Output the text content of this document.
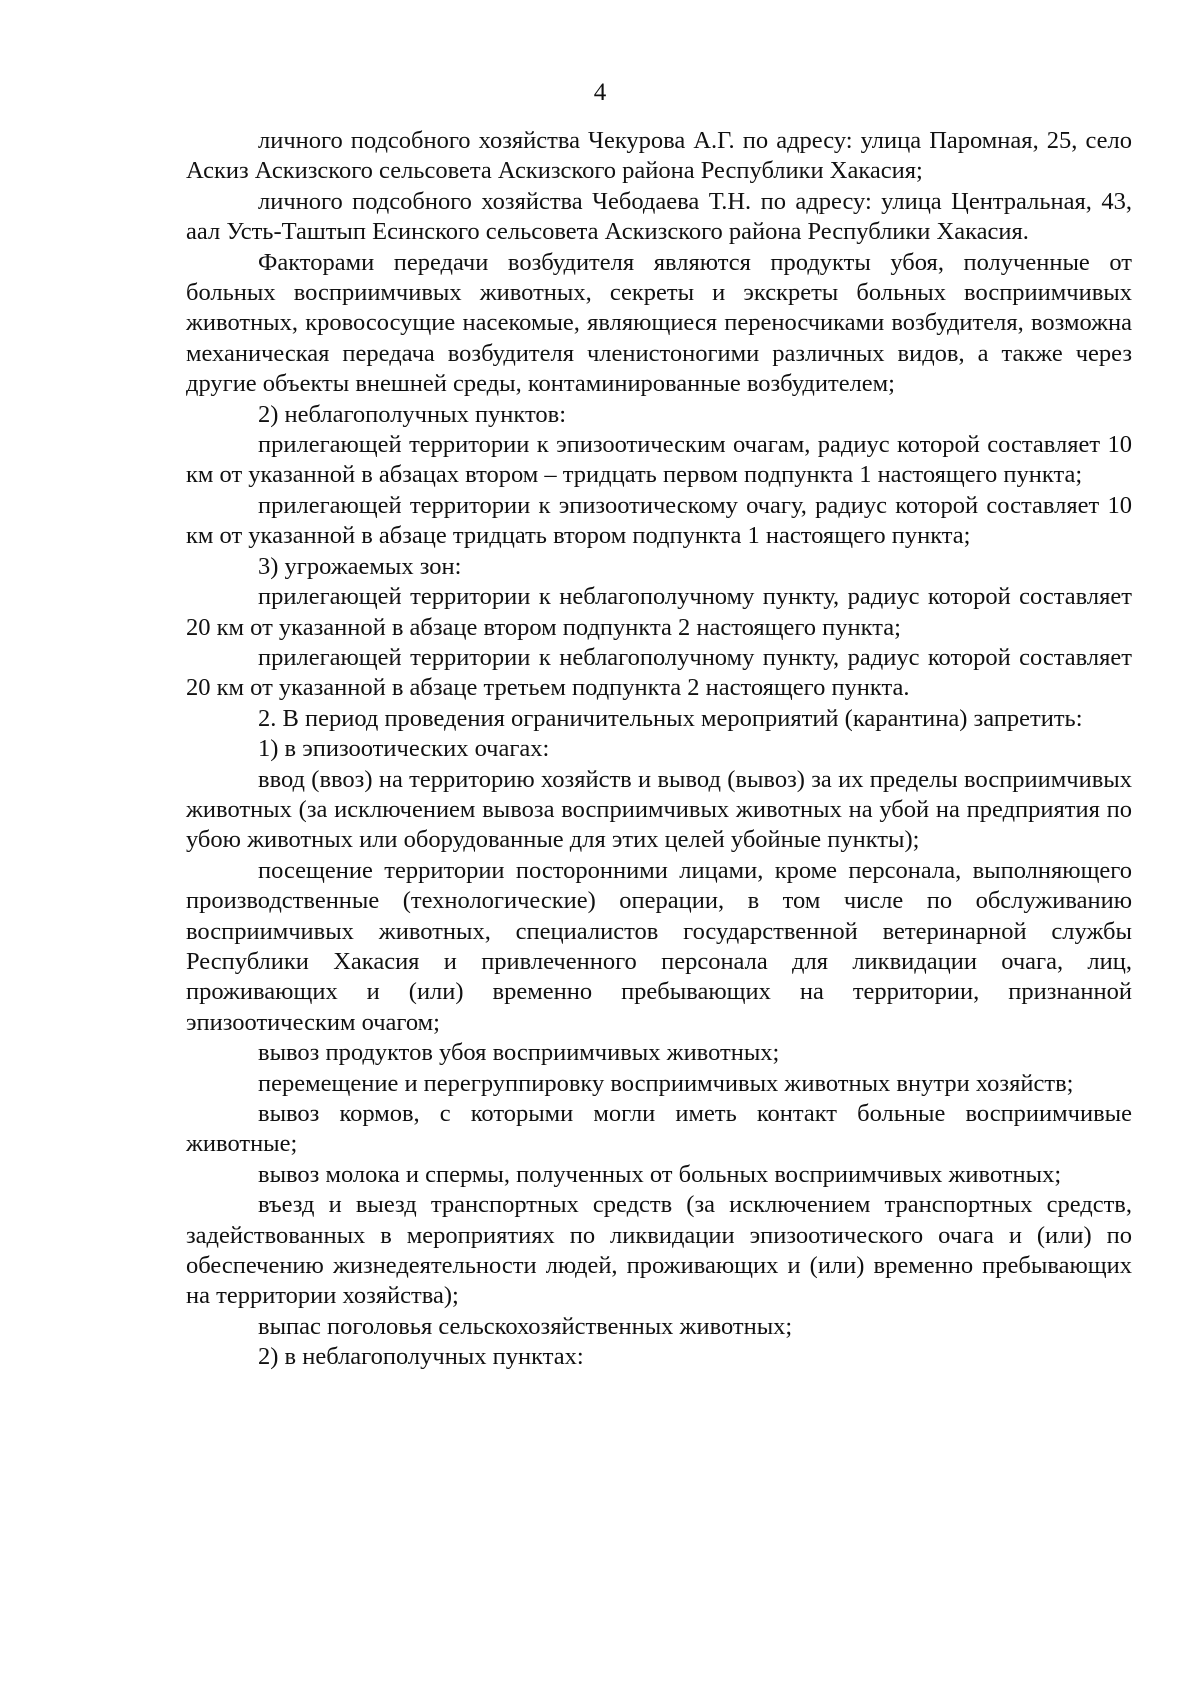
4

личного подсобного хозяйства Чекурова А.Г. по адресу: улица Паромная, 25, село Аскиз Аскизского сельсовета Аскизского района Республики Хакасия;

личного подсобного хозяйства Чебодаева Т.Н. по адресу: улица Центральная, 43, аал Усть-Таштып Есинского сельсовета Аскизского района Республики Хакасия.

Факторами передачи возбудителя являются продукты убоя, полученные от больных восприимчивых животных, секреты и экскреты больных восприимчивых животных, кровососущие насекомые, являющиеся переносчиками возбудителя, возможна механическая передача возбудителя членистоногими различных видов, а также через другие объекты внешней среды, контаминированные возбудителем;

2) неблагополучных пунктов:

прилегающей территории к эпизоотическим очагам, радиус которой составляет 10 км от указанной в абзацах втором – тридцать первом подпункта 1 настоящего пункта;

прилегающей территории к эпизоотическому очагу, радиус которой составляет 10 км от указанной в абзаце тридцать втором подпункта 1 настоящего пункта;

3) угрожаемых зон:

прилегающей территории к неблагополучному пункту, радиус которой составляет 20 км от указанной в абзаце втором подпункта 2 настоящего пункта;

прилегающей территории к неблагополучному пункту, радиус которой составляет 20 км от указанной в абзаце третьем подпункта 2 настоящего пункта.

2. В период проведения ограничительных мероприятий (карантина) запретить:

1) в эпизоотических очагах:

ввод (ввоз) на территорию хозяйств и вывод (вывоз) за их пределы восприимчивых животных (за исключением вывоза восприимчивых животных на убой на предприятия по убою животных или оборудованные для этих целей убойные пункты);

посещение территории посторонними лицами, кроме персонала, выполняющего производственные (технологические) операции, в том числе по обслуживанию восприимчивых животных, специалистов государственной ветеринарной службы Республики Хакасия и привлеченного персонала для ликвидации очага, лиц, проживающих и (или) временно пребывающих на территории, признанной эпизоотическим очагом;

вывоз продуктов убоя восприимчивых животных;

перемещение и перегруппировку восприимчивых животных внутри хозяйств;

вывоз кормов, с которыми могли иметь контакт больные восприимчивые животные;

вывоз молока и спермы, полученных от больных восприимчивых животных;

въезд и выезд транспортных средств (за исключением транспортных средств, задействованных в мероприятиях по ликвидации эпизоотического очага и (или) по обеспечению жизнедеятельности людей, проживающих и (или) временно пребывающих на территории хозяйства);

выпас поголовья сельскохозяйственных животных;

2) в неблагополучных пунктах:
